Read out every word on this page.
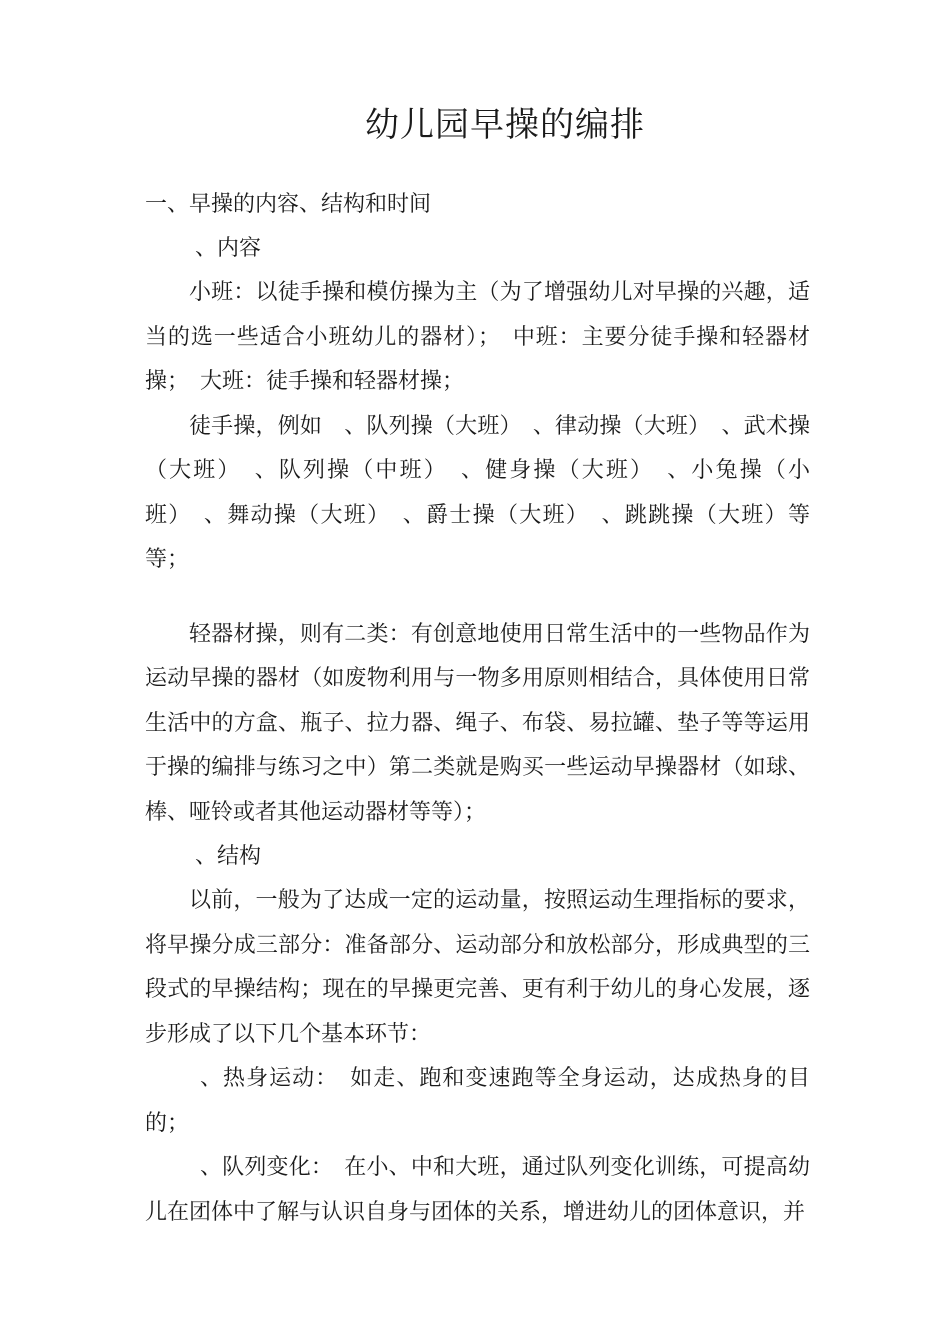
幼儿园早操的编排
一、早操的内容、结构和时间
、内容

小班：以徒手操和模仿操为主（为了增强幼儿对早操的兴趣，适当的选一些适合小班幼儿的器材）；　中班：主要分徒手操和轻器材操；　大班：徒手操和轻器材操；

徒手操，例如　、队列操（大班）　、律动操（大班）　、武术操（大班）　、队列操（中班）　、健身操（大班）　、小兔操（小班）　、舞动操（大班）　、爵士操（大班）　、跳跳操（大班）等等；

轻器材操，则有二类：有创意地使用日常生活中的一些物品作为运动早操的器材（如废物利用与一物多用原则相结合，具体使用日常生活中的方盒、瓶子、拉力器、绳子、布袋、易拉罐、垫子等等运用于操的编排与练习之中）第二类就是购买一些运动早操器材（如球、棒、哑铃或者其他运动器材等等）；

、结构

以前，一般为了达成一定的运动量，按照运动生理指标的要求，将早操分成三部分：准备部分、运动部分和放松部分，形成典型的三段式的早操结构；现在的早操更完善、更有利于幼儿的身心发展，逐步形成了以下几个基本环节：

、热身运动：　如走、跑和变速跑等全身运动，达成热身的目的；

、队列变化：　在小、中和大班，通过队列变化训练，可提高幼儿在团体中了解与认识自身与团体的关系，增进幼儿的团体意识，并
